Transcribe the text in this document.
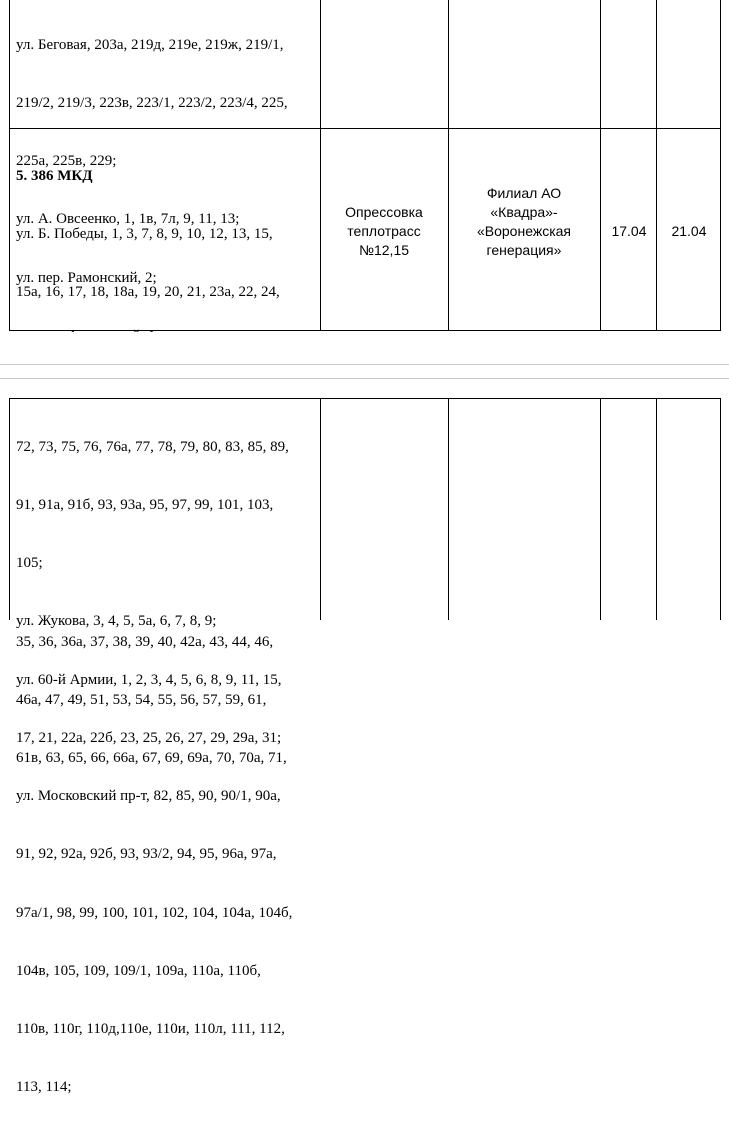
ул. Беговая, 203а, 219д, 219е, 219ж, 219/1,

219/2, 219/3, 223в, 223/1, 223/2, 223/4, 225,

225а, 225в, 229;

ул. А. Овсеенко, 1, 1в, 7л, 9, 11, 13;

ул. пер. Рамонский, 2;

5. 386 МКД

ул. Б. Победы, 1, 3, 7, 8, 9, 10, 12, 13, 15,

15а, 16, 17, 18, 18а, 19, 20, 21, 23а, 22, 24,

35, 36, 36а, 37, 38, 39, 40, 42а, 43, 44, 46,

46а, 47, 49, 51, 53, 54, 55, 56, 57, 59, 61,

61в, 63, 65, 66, 66а, 67, 69, 69а, 70, 70а, 71,

Опрессовка теплотрасс №12,15
Филиал АО «Квадра»- «Воронежская генерация»
17.04	21.04

72, 73, 75, 76, 76а, 77, 78, 79, 80, 83, 85, 89,

91, 91а, 91б, 93, 93а, 95, 97, 99, 101, 103,

105;

ул. Жукова, 3, 4, 5, 5а, 6, 7, 8, 9;

ул. 60-й Армии, 1, 2, 3, 4, 5, 6, 8, 9, 11, 15,

17, 21, 22а, 22б, 23, 25, 26, 27, 29, 29а, 31;

ул. Московский пр-т, 82, 85, 90, 90/1, 90а,

91, 92, 92а, 92б, 93, 93/2, 94, 95, 96а, 97а,

97а/1, 98, 99, 100, 101, 102, 104, 104а, 104б,

104в, 105, 109, 109/1, 109а, 110а, 110б,

110в, 110г, 110д,110е, 110и, 110л, 111, 112,

113, 114;
